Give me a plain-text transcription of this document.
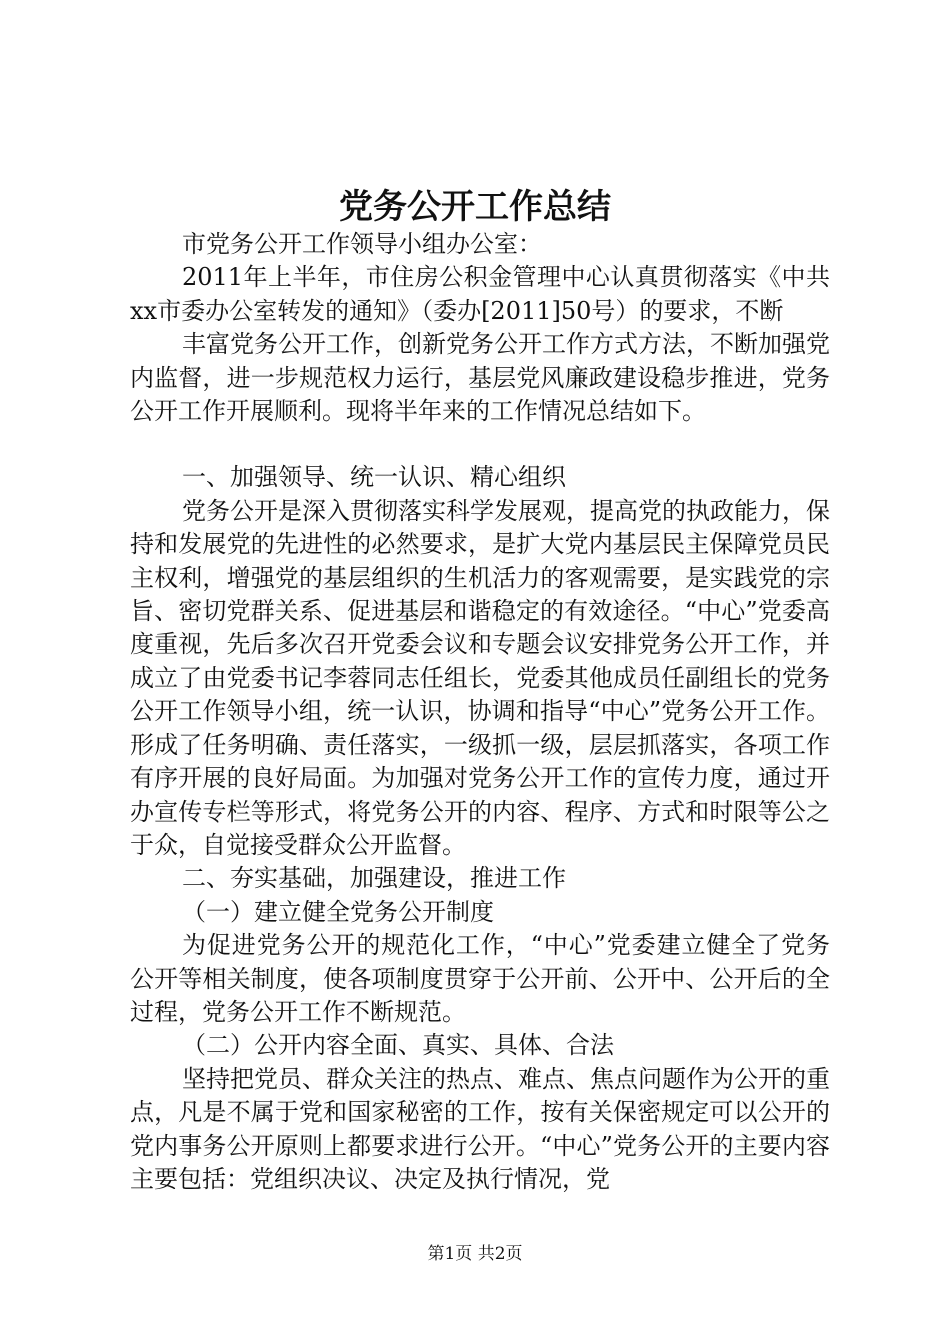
党务公开工作总结

市党务公开工作领导小组办公室：

2011年上半年，市住房公积金管理中心认真贯彻落实《中共xx市委办公室转发的通知》（委办[2011]50号）的要求，不断

丰富党务公开工作，创新党务公开工作方式方法，不断加强党内监督，进一步规范权力运行，基层党风廉政建设稳步推进，党务公开工作开展顺利。现将半年来的工作情况总结如下。

一、加强领导、统一认识、精心组织

党务公开是深入贯彻落实科学发展观，提高党的执政能力，保持和发展党的先进性的必然要求，是扩大党内基层民主保障党员民主权利，增强党的基层组织的生机活力的客观需要，是实践党的宗旨、密切党群关系、促进基层和谐稳定的有效途径。“中心”党委高度重视，先后多次召开党委会议和专题会议安排党务公开工作，并成立了由党委书记李蓉同志任组长，党委其他成员任副组长的党务公开工作领导小组，统一认识，协调和指导“中心”党务公开工作。形成了任务明确、责任落实，一级抓一级，层层抓落实，各项工作有序开展的良好局面。为加强对党务公开工作的宣传力度，通过开办宣传专栏等形式，将党务公开的内容、程序、方式和时限等公之于众，自觉接受群众公开监督。

二、夯实基础，加强建设，推进工作

（一）建立健全党务公开制度

为促进党务公开的规范化工作，“中心”党委建立健全了党务公开等相关制度，使各项制度贯穿于公开前、公开中、公开后的全过程，党务公开工作不断规范。

（二）公开内容全面、真实、具体、合法

坚持把党员、群众关注的热点、难点、焦点问题作为公开的重点，凡是不属于党和国家秘密的工作，按有关保密规定可以公开的党内事务公开原则上都要求进行公开。“中心”党务公开的主要内容主要包括：党组织决议、决定及执行情况，党

第1页 共2页
